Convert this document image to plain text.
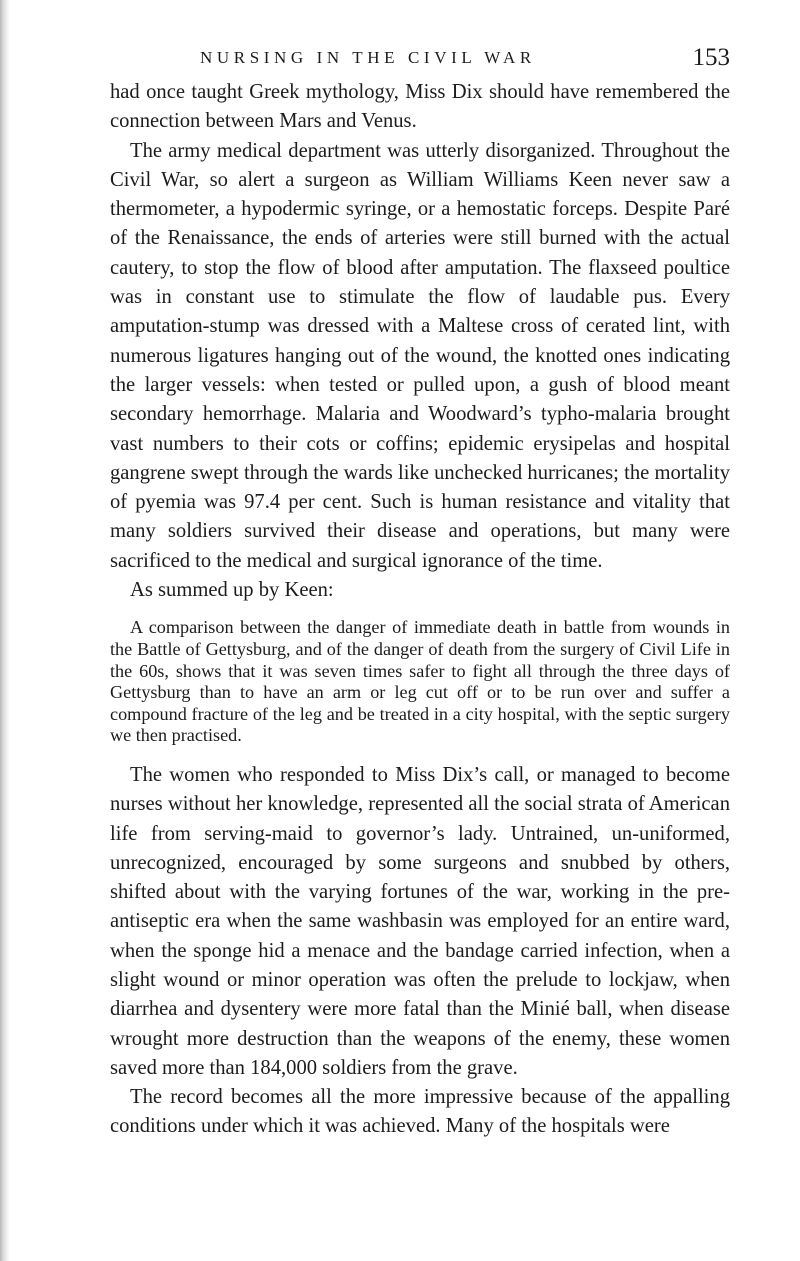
NURSING IN THE CIVIL WAR	153

had once taught Greek mythology, Miss Dix should have remembered the connection between Mars and Venus.

The army medical department was utterly disorganized. Throughout the Civil War, so alert a surgeon as William Williams Keen never saw a thermometer, a hypodermic syringe, or a hemostatic forceps. Despite Paré of the Renaissance, the ends of arteries were still burned with the actual cautery, to stop the flow of blood after amputation. The flaxseed poultice was in constant use to stimulate the flow of laudable pus. Every amputation-stump was dressed with a Maltese cross of cerated lint, with numerous ligatures hanging out of the wound, the knotted ones indicating the larger vessels: when tested or pulled upon, a gush of blood meant secondary hemorrhage. Malaria and Woodward’s typho-malaria brought vast numbers to their cots or coffins; epidemic erysipelas and hospital gangrene swept through the wards like unchecked hurricanes; the mortality of pyemia was 97.4 per cent. Such is human resistance and vitality that many soldiers survived their disease and operations, but many were sacrificed to the medical and surgical ignorance of the time.

As summed up by Keen:

A comparison between the danger of immediate death in battle from wounds in the Battle of Gettysburg, and of the danger of death from the surgery of Civil Life in the 60s, shows that it was seven times safer to fight all through the three days of Gettysburg than to have an arm or leg cut off or to be run over and suffer a compound fracture of the leg and be treated in a city hospital, with the septic surgery we then practised.

The women who responded to Miss Dix’s call, or managed to become nurses without her knowledge, represented all the social strata of American life from serving-maid to governor’s lady. Untrained, un-uniformed, unrecognized, encouraged by some surgeons and snubbed by others, shifted about with the varying fortunes of the war, working in the pre-antiseptic era when the same washbasin was employed for an entire ward, when the sponge hid a menace and the bandage carried infection, when a slight wound or minor operation was often the prelude to lockjaw, when diarrhea and dysentery were more fatal than the Minié ball, when disease wrought more destruction than the weapons of the enemy, these women saved more than 184,000 soldiers from the grave.

The record becomes all the more impressive because of the appalling conditions under which it was achieved. Many of the hospitals were
